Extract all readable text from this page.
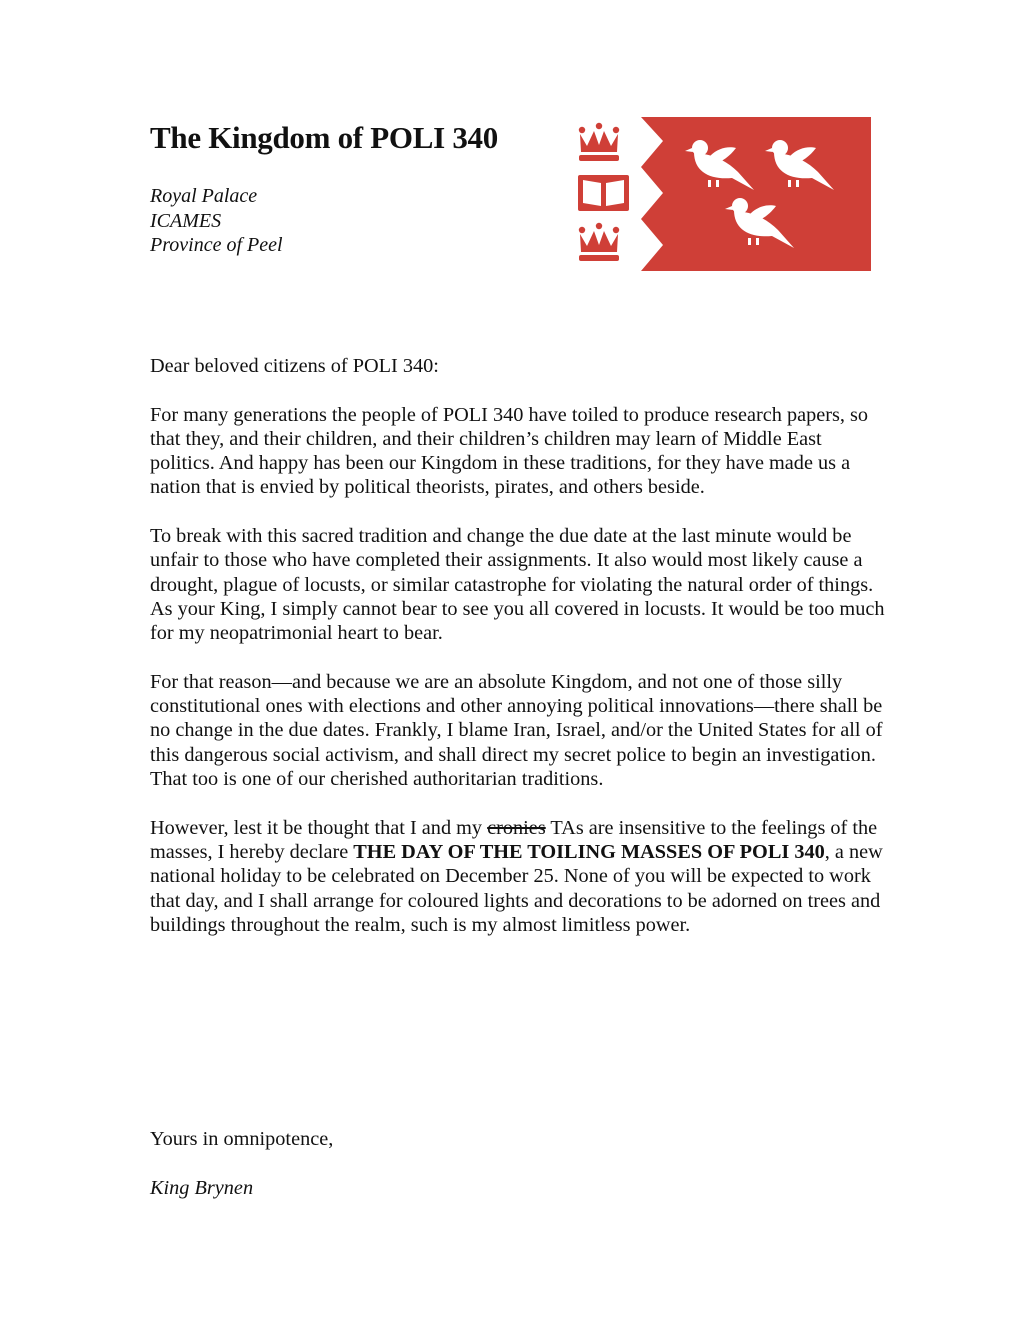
The Kingdom of POLI 340
Royal Palace
ICAMES
Province of Peel

Dear beloved citizens of POLI 340:

For many generations the people of POLI 340 have toiled to produce research papers, so that they, and their children, and their children’s children may learn of Middle East politics. And happy has been our Kingdom in these traditions, for they have made us a nation that is envied by political theorists, pirates, and others beside.

To break with this sacred tradition and change the due date at the last minute would be unfair to those who have completed their assignments. It also would most likely cause a drought, plague of locusts, or similar catastrophe for violating the natural order of things. As your King, I simply cannot bear to see you all covered in locusts. It would be too much for my neopatrimonial heart to bear.

For that reason—and because we are an absolute Kingdom, and not one of those silly constitutional ones with elections and other annoying political innovations—there shall be no change in the due dates. Frankly, I blame Iran, Israel, and/or the United States for all of this dangerous social activism, and shall direct my secret police to begin an investigation. That too is one of our cherished authoritarian traditions.

However, lest it be thought that I and my cronies TAs are insensitive to the feelings of the masses, I hereby declare THE DAY OF THE TOILING MASSES OF POLI 340, a new national holiday to be celebrated on December 25. None of you will be expected to work that day, and I shall arrange for coloured lights and decorations to be adorned on trees and buildings throughout the realm, such is my almost limitless power.

Yours in omnipotence,
King Brynen
